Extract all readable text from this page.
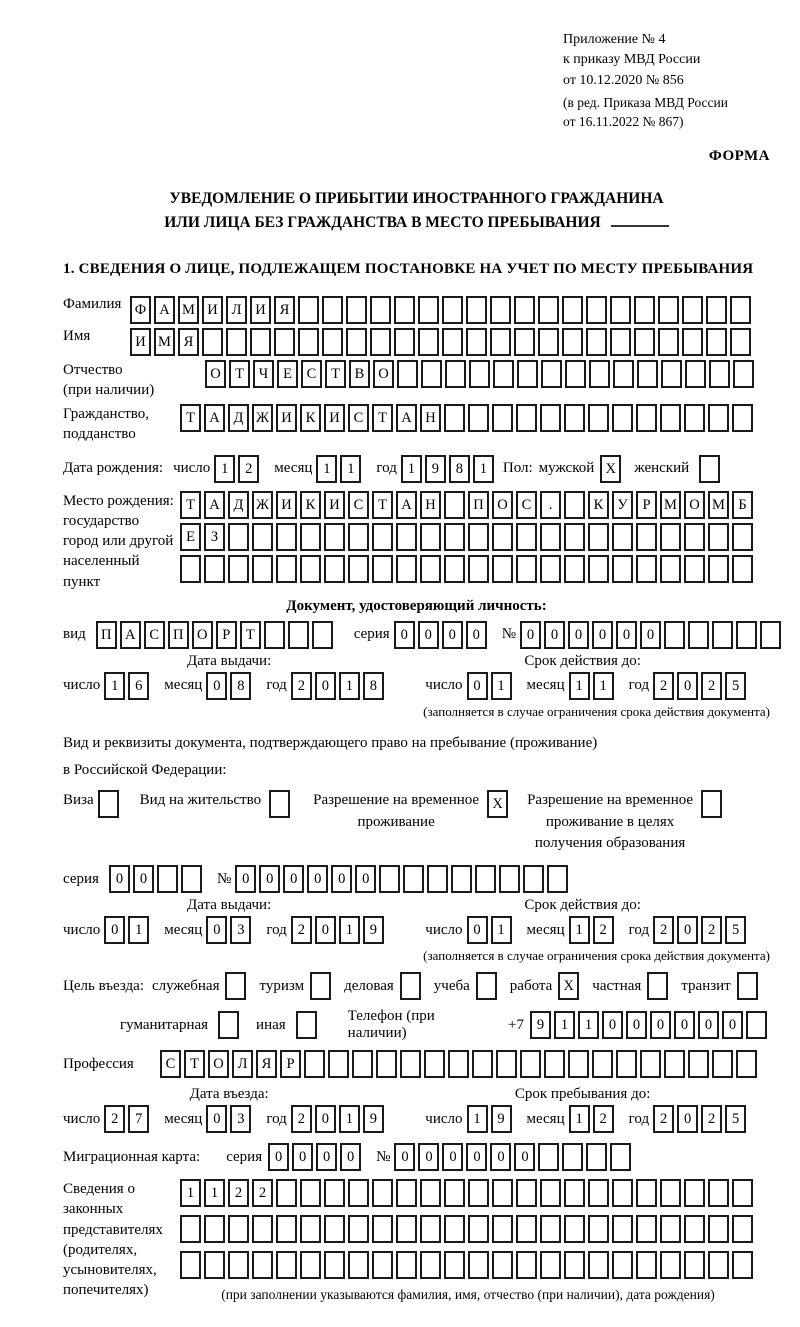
Приложение № 4
к приказу МВД России
от 10.12.2020 № 856
(в ред. Приказа МВД России
от 16.11.2022 № 867)
ФОРМА
УВЕДОМЛЕНИЕ О ПРИБЫТИИ ИНОСТРАННОГО ГРАЖДАНИНА
ИЛИ ЛИЦА БЕЗ ГРАЖДАНСТВА В МЕСТО ПРЕБЫВАНИЯ
1. СВЕДЕНИЯ О ЛИЦЕ, ПОДЛЕЖАЩЕМ ПОСТАНОВКЕ НА УЧЕТ ПО МЕСТУ ПРЕБЫВАНИЯ
Фамилия Ф А М И Л И Я
Имя	И М Я
Отчество
(при наличии)
О Т	Ч	Е	С	Т	В О
Гражданство,
подданство
Т А Д Ж И К И С	Т А Н
Дата рождения: число 1	2	месяц 1	1	год 1	9	8	1	Пол: мужской X	женский
Место рождения:
государство
город или другой
населенный пункт
Т А Д Ж И К И С	Т А Н	П О С	.	К У	Р М О М Б
Е	З
Документ, удостоверяющий личность:
вид	П А С П О	Р	Т	серия 0	0	0	0	№ 0	0	0	0	0	0
Дата выдачи:	Срок действия до:
число 1	6	месяц 0	8	год 2	0	1	8	число 0	1	месяц 1	1	год 2	0	2	5
(заполняется в случае ограничения срока действия документа)
Вид и реквизиты документа, подтверждающего право на пребывание (проживание)
в Российской Федерации:
Виза	Вид на жительство	Разрешение на временное
проживание
X	Разрешение на временное
проживание в целях
получения образования
серия	0	0	№ 0	0	0	0	0	0
Дата выдачи:	Срок действия до:
число 0	1	месяц 0	3	год 2	0	1	9	число 0	1	месяц 1	2	год 2	0	2	5
(заполняется в случае ограничения срока действия документа)
Цель въезда: служебная	туризм	деловая	учеба	работа X	частная	транзит
гуманитарная	иная
Телефон (при наличии)
+7 9	1	1	0	0	0	0	0	0
Профессия	С	Т О Л Я	Р
Дата въезда:	Срок пребывания до:
число 2	7	месяц 0	3	год 2	0	1	9	число 1	9	месяц 1	2	год 2	0	2	5
Миграционная карта: серия 0	0	0	0	№ 0	0	0	0	0	0
Сведения о
законных
представителях
(родителях,
усыновителях,
попечителях)
1	1	2	2
(при заполнении указываются фамилия, имя, отчество (при наличии), дата рождения)
